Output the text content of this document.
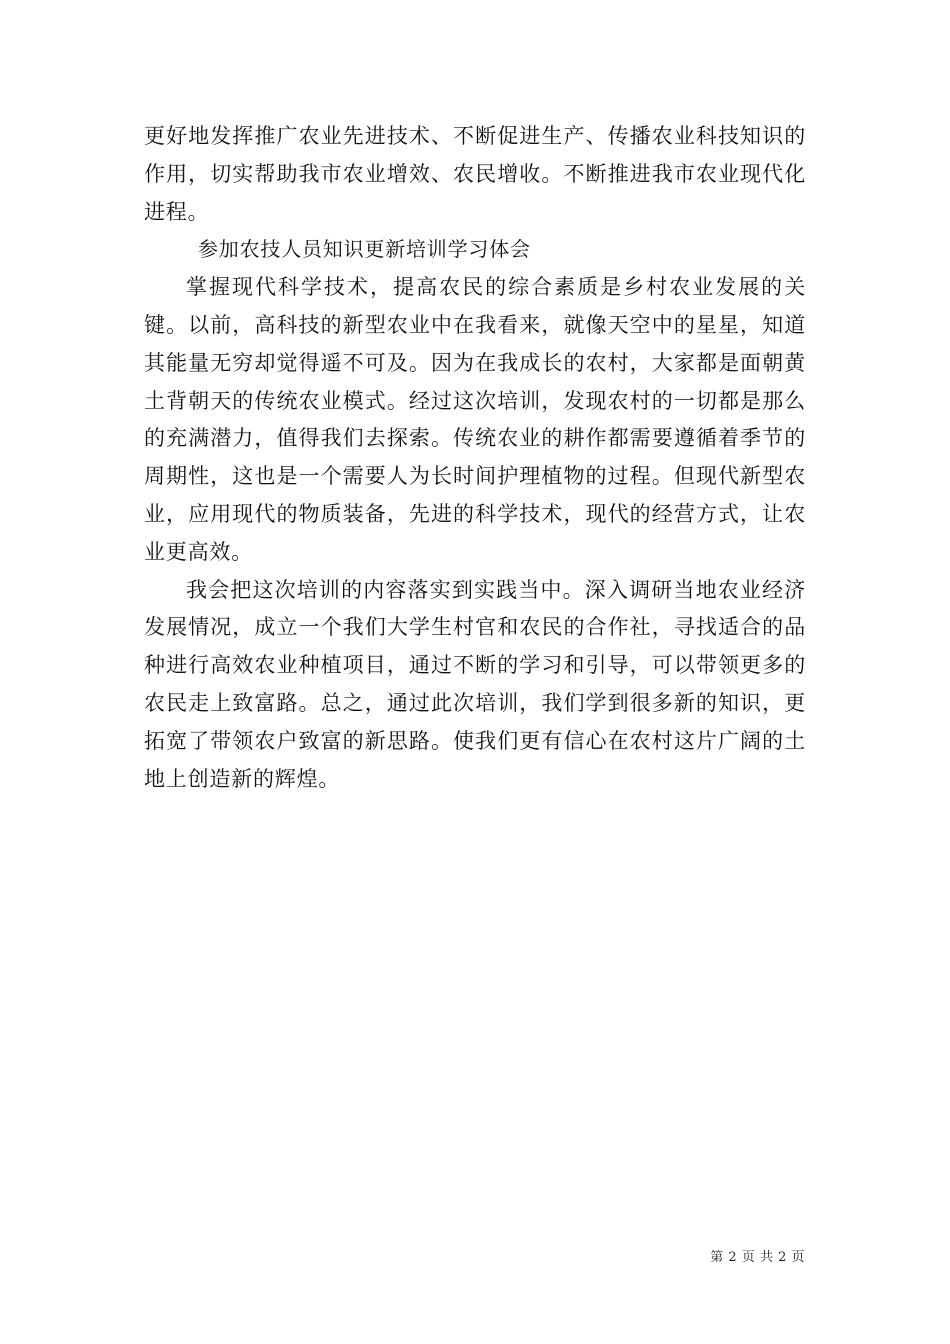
更好地发挥推广农业先进技术、不断促进生产、传播农业科技知识的作用，切实帮助我市农业增效、农民增收。不断推进我市农业现代化进程。

参加农技人员知识更新培训学习体会

掌握现代科学技术，提高农民的综合素质是乡村农业发展的关键。以前，高科技的新型农业中在我看来，就像天空中的星星，知道其能量无穷却觉得遥不可及。因为在我成长的农村，大家都是面朝黄土背朝天的传统农业模式。经过这次培训，发现农村的一切都是那么的充满潜力，值得我们去探索。传统农业的耕作都需要遵循着季节的周期性，这也是一个需要人为长时间护理植物的过程。但现代新型农业，应用现代的物质装备，先进的科学技术，现代的经营方式，让农业更高效。

我会把这次培训的内容落实到实践当中。深入调研当地农业经济发展情况，成立一个我们大学生村官和农民的合作社，寻找适合的品种进行高效农业种植项目，通过不断的学习和引导，可以带领更多的农民走上致富路。总之，通过此次培训，我们学到很多新的知识，更拓宽了带领农户致富的新思路。使我们更有信心在农村这片广阔的土地上创造新的辉煌。

第 2 页 共 2 页
